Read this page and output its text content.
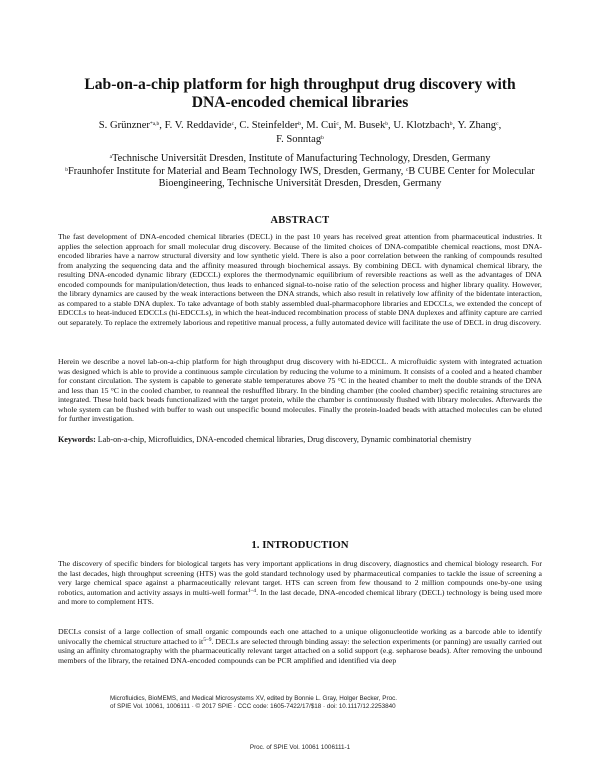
Lab-on-a-chip platform for high throughput drug discovery with
DNA-encoded chemical libraries
S. Grünzner$^{*a,b}$, F. V. Reddavide$^c$, C. Steinfelder$^b$, M. Cui$^c$, M. Busek$^b$, U. Klotzbach$^b$, Y. Zhang$^c$,
F. Sonntag$^b$
$^a$Technische Universität Dresden, Institute of Manufacturing Technology, Dresden, Germany
$^b$Fraunhofer Institute for Material and Beam Technology IWS, Dresden, Germany, $^c$B CUBE Center for Molecular Bioengineering, Technische Universität Dresden, Dresden, Germany
ABSTRACT

The fast development of DNA-encoded chemical libraries (DECL) in the past 10 years has received great attention from pharmaceutical industries. It applies the selection approach for small molecular drug discovery. Because of the limited choices of DNA-compatible chemical reactions, most DNA-encoded libraries have a narrow structural diversity and low synthetic yield. There is also a poor correlation between the ranking of compounds resulted from analyzing the sequencing data and the affinity measured through biochemical assays. By combining DECL with dynamical chemical library, the resulting DNA-encoded dynamic library (EDCCL) explores the thermodynamic equilibrium of reversible reactions as well as the advantages of DNA encoded compounds for manipulation/detection, thus leads to enhanced signal-to-noise ratio of the selection process and higher library quality. However, the library dynamics are caused by the weak interactions between the DNA strands, which also result in relatively low affinity of the bidentate interaction, as compared to a stable DNA duplex. To take advantage of both stably assembled dual-pharmacophore libraries and EDCCLs, we extended the concept of EDCCLs to heat-induced EDCCLs (hi-EDCCLs), in which the heat-induced recombination process of stable DNA duplexes and affinity capture are carried out separately. To replace the extremely laborious and repetitive manual process, a fully automated device will facilitate the use of DECL in drug discovery.

Herein we describe a novel lab-on-a-chip platform for high throughput drug discovery with hi-EDCCL. A microfluidic system with integrated actuation was designed which is able to provide a continuous sample circulation by reducing the volume to a minimum. It consists of a cooled and a heated chamber for constant circulation. The system is capable to generate stable temperatures above 75 °C in the heated chamber to melt the double strands of the DNA and less than 15 °C in the cooled chamber, to reanneal the reshuffled library. In the binding chamber (the cooled chamber) specific retaining structures are integrated. These hold back beads functionalized with the target protein, while the chamber is continuously flushed with library molecules. Afterwards the whole system can be flushed with buffer to wash out unspecific bound molecules. Finally the protein-loaded beads with attached molecules can be eluted for further investigation.

Keywords: Lab-on-a-chip, Microfluidics, DNA-encoded chemical libraries, Drug discovery, Dynamic combinatorial chemistry

1. INTRODUCTION

The discovery of specific binders for biological targets has very important applications in drug discovery, diagnostics and chemical biology research. For the last decades, high throughput screening (HTS) was the gold standard technology used by pharmaceutical companies to tackle the issue of screening a very large chemical space against a pharmaceutically relevant target. HTS can screen from few thousand to 2 million compounds one-by-one using robotics, automation and activity assays in multi-well format$^{1-4}$. In the last decade, DNA-encoded chemical library (DECL) technology is being used more and more to complement HTS.

DECLs consist of a large collection of small organic compounds each one attached to a unique oligonucleotide working as a barcode able to identify univocally the chemical structure attached to $it^{5-9}$. DECLs are selected through binding assay: the selection experiments (or panning) are usually carried out using an affinity chromatography with the pharmaceutically relevant target attached on a solid support (e.g. sepharose beads). After removing the unbound members of the library, the retained DNA-encoded compounds can be PCR amplified and identified via deep

Microfluidics, BioMEMS, and Medical Microsystems XV, edited by Bonnie L. Gray, Holger Becker, Proc.
of SPIE Vol. 10061, 1006111 · © 2017 SPIE · CCC code: 1605-7422/17/$18 · doi: 10.1117/12.2253840
Proc. of SPIE Vol. 10061 1006111-1
